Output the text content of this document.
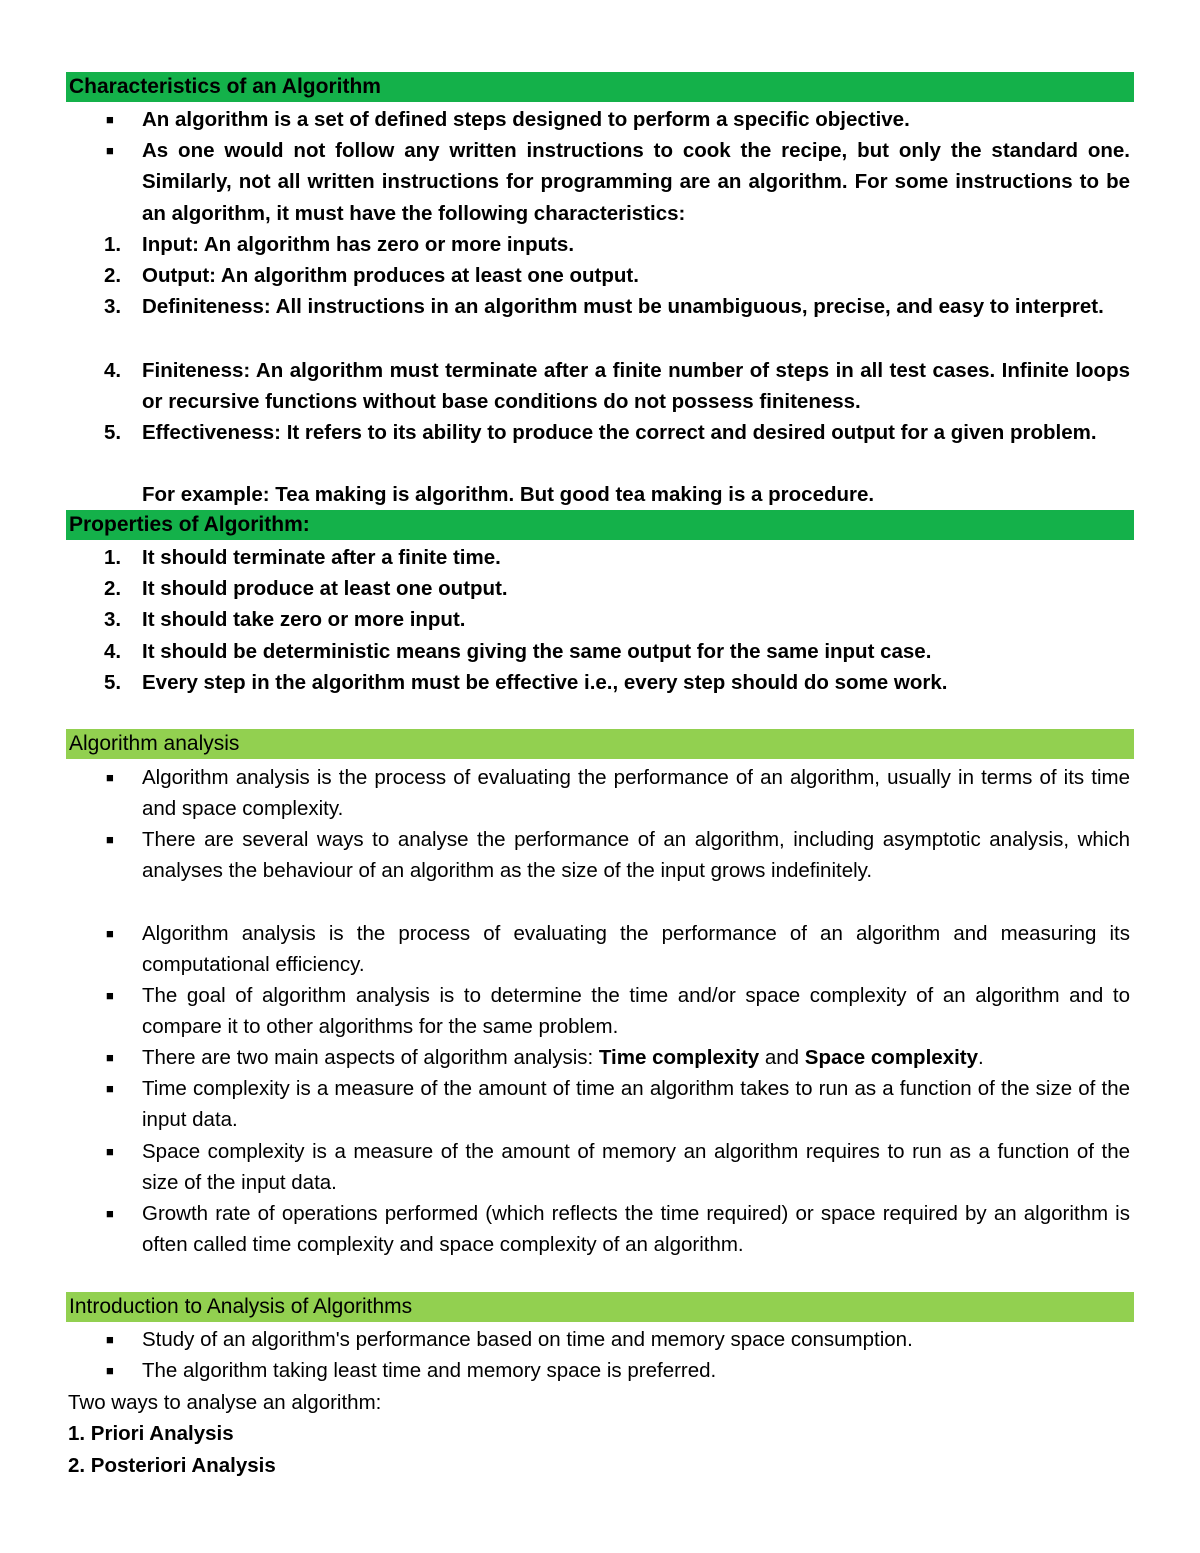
Characteristics of an Algorithm
■	An algorithm is a set of defined steps designed to perform a specific objective.
■	As one would not follow any written instructions to cook the recipe, but only the standard one. Similarly, not all written instructions for programming are an algorithm. For some instructions to be an algorithm, it must have the following characteristics:
1.	Input: An algorithm has zero or more inputs.
2.	Output: An algorithm produces at least one output.
3.	Definiteness: All instructions in an algorithm must be unambiguous, precise, and easy to interpret.
4.	Finiteness: An algorithm must terminate after a finite number of steps in all test cases. Infinite loops or recursive functions without base conditions do not possess finiteness.
5.	Effectiveness: It refers to its ability to produce the correct and desired output for a given problem.
For example: Tea making is algorithm. But good tea making is a procedure.
Properties of Algorithm:
1.	It should terminate after a finite time.
2.	It should produce at least one output.
3.	It should take zero or more input.
4.	It should be deterministic means giving the same output for the same input case.
5.	Every step in the algorithm must be effective i.e., every step should do some work.
Algorithm analysis
■	Algorithm analysis is the process of evaluating the performance of an algorithm, usually in terms of its time and space complexity.
■	There are several ways to analyse the performance of an algorithm, including asymptotic analysis, which analyses the behaviour of an algorithm as the size of the input grows indefinitely.
■	Algorithm analysis is the process of evaluating the performance of an algorithm and measuring its computational efficiency.
■	The goal of algorithm analysis is to determine the time and/or space complexity of an algorithm and to compare it to other algorithms for the same problem.
■	There are two main aspects of algorithm analysis: Time complexity and Space complexity.
■	Time complexity is a measure of the amount of time an algorithm takes to run as a function of the size of the input data.
■	Space complexity is a measure of the amount of memory an algorithm requires to run as a function of the size of the input data.
■	Growth rate of operations performed (which reflects the time required) or space required by an algorithm is often called time complexity and space complexity of an algorithm.
Introduction to Analysis of Algorithms
■	Study of an algorithm's performance based on time and memory space consumption.
■	The algorithm taking least time and memory space is preferred.
Two ways to analyse an algorithm:
1. Priori Analysis
2. Posteriori Analysis
